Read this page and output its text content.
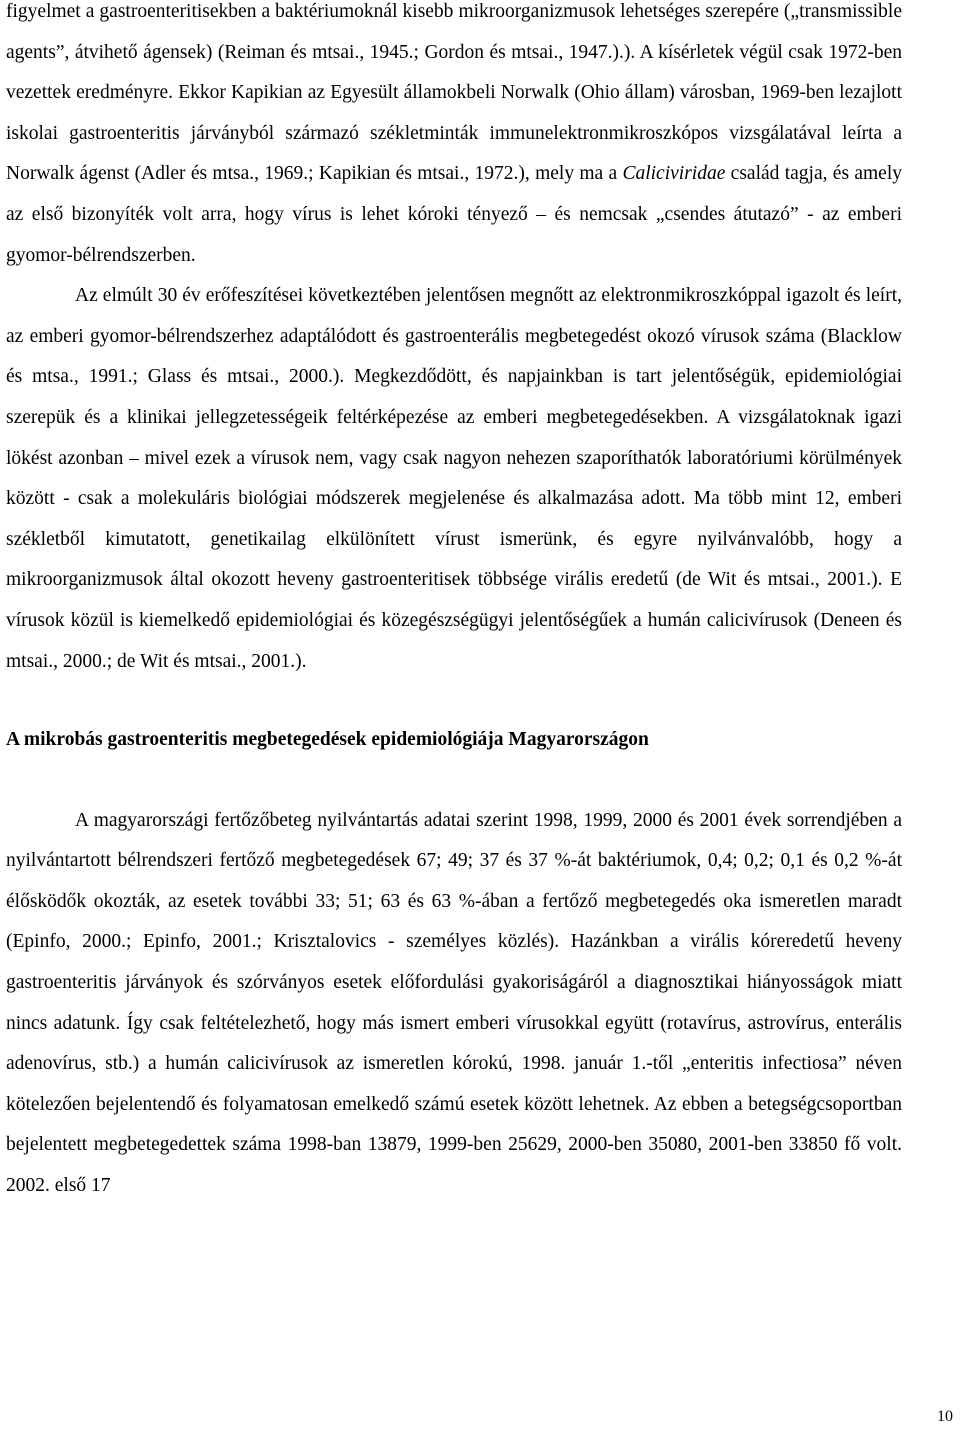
figyelmet a gastroenteritisekben a baktériumoknál kisebb mikroorganizmusok lehetséges szerepére („transmissible agents”, átvihető ágensek) (Reiman és mtsai., 1945.; Gordon és mtsai., 1947.).). A kísérletek végül csak 1972-ben vezettek eredményre. Ekkor Kapikian az Egyesült államokbeli Norwalk (Ohio állam) városban, 1969-ben lezajlott iskolai gastroenteritis járványból származó székletminták immunelektronmikroszkópos vizsgálatával leírta a Norwalk ágenst (Adler és mtsa., 1969.; Kapikian és mtsai., 1972.), mely ma a Caliciviridae család tagja, és amely az első bizonyíték volt arra, hogy vírus is lehet kóroki tényező – és nemcsak „csendes átutazó” - az emberi gyomor-bélrendszerben.

Az elmúlt 30 év erőfeszítései következtében jelentősen megnőtt az elektronmikroszkóppal igazolt és leírt, az emberi gyomor-bélrendszerhez adaptálódott és gastroenterális megbetegedést okozó vírusok száma (Blacklow és mtsa., 1991.; Glass és mtsai., 2000.). Megkezdődött, és napjainkban is tart jelentőségük, epidemiológiai szerepük és a klinikai jellegzetességeik feltérképezése az emberi megbetegedésekben. A vizsgálatoknak igazi lökést azonban – mivel ezek a vírusok nem, vagy csak nagyon nehezen szaporíthatók laboratóriumi körülmények között - csak a molekuláris biológiai módszerek megjelenése és alkalmazása adott. Ma több mint 12, emberi székletből kimutatott, genetikailag elkülönített vírust ismerünk, és egyre nyilvánvalóbb, hogy a mikroorganizmusok által okozott heveny gastroenteritisek többsége virális eredetű (de Wit és mtsai., 2001.). E vírusok közül is kiemelkedő epidemiológiai és közegészségügyi jelentőségűek a humán calicivírusok (Deneen és mtsai., 2000.; de Wit és mtsai., 2001.).

A mikrobás gastroenteritis megbetegedések epidemiológiája Magyarországon

A magyarországi fertőzőbeteg nyilvántartás adatai szerint 1998, 1999, 2000 és 2001 évek sorrendjében a nyilvántartott bélrendszeri fertőző megbetegedések 67; 49; 37 és 37 %-át baktériumok, 0,4; 0,2; 0,1 és 0,2 %-át élősködők okozták, az esetek további 33; 51; 63 és 63 %-ában a fertőző megbetegedés oka ismeretlen maradt (Epinfo, 2000.; Epinfo, 2001.; Krisztalovics - személyes közlés). Hazánkban a virális kóreredetű heveny gastroenteritis járványok és szórványos esetek előfordulási gyakoriságáról a diagnosztikai hiányosságok miatt nincs adatunk. Így csak feltételezhető, hogy más ismert emberi vírusokkal együtt (rotavírus, astrovírus, enterális adenovírus, stb.) a humán calicivírusok az ismeretlen kórokú, 1998. január 1.-től „enteritis infectiosa” néven kötelezően bejelentendő és folyamatosan emelkedő számú esetek között lehetnek. Az ebben a betegségcsoportban bejelentett megbetegedettek száma 1998-ban 13879, 1999-ben 25629, 2000-ben 35080, 2001-ben 33850 fő volt. 2002. első 17

10
